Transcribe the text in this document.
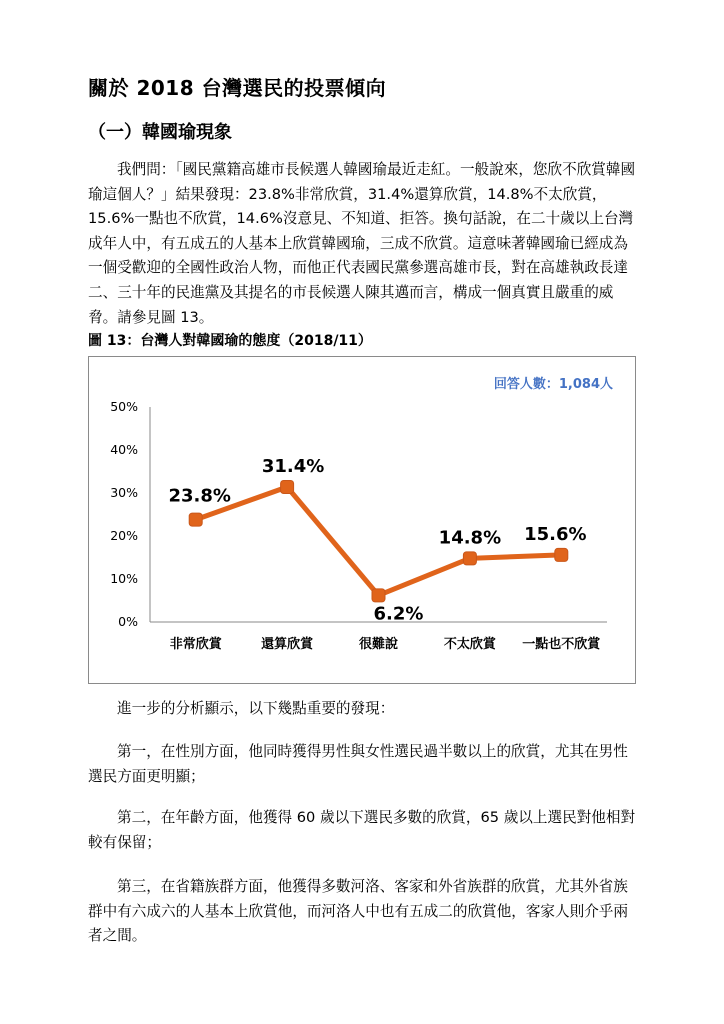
關於 2018 台灣選民的投票傾向
（一）韓國瑜現象

我們問：「國民黨籍高雄市長候選人韓國瑜最近走紅。一般說來，您欣不欣賞韓國瑜這個人？」結果發現：23.8%非常欣賞，31.4%還算欣賞，14.8%不太欣賞，15.6%一點也不欣賞，14.6%沒意見、不知道、拒答。換句話說，在二十歲以上台灣成年人中，有五成五的人基本上欣賞韓國瑜，三成不欣賞。這意味著韓國瑜已經成為一個受歡迎的全國性政治人物，而他正代表國民黨參選高雄市長，對在高雄執政長達二、三十年的民進黨及其提名的市長候選人陳其邁而言，構成一個真實且嚴重的威脅。請參見圖 13。

圖 13：台灣人對韓國瑜的態度（2018/11）
回答人數：1,084人
0%
10%
20%
30%
40%
50%
非常欣賞	還算欣賞	很難說	不太欣賞 一點也不欣賞
23.8%
31.4%
6.2%
14.8% 15.6%

進一步的分析顯示，以下幾點重要的發現：

第一，在性別方面，他同時獲得男性與女性選民過半數以上的欣賞，尤其在男性選民方面更明顯；

第二，在年齡方面，他獲得 60 歲以下選民多數的欣賞，65 歲以上選民對他相對較有保留；

第三，在省籍族群方面，他獲得多數河洛、客家和外省族群的欣賞，尤其外省族群中有六成六的人基本上欣賞他，而河洛人中也有五成二的欣賞他，客家人則介乎兩者之間。
